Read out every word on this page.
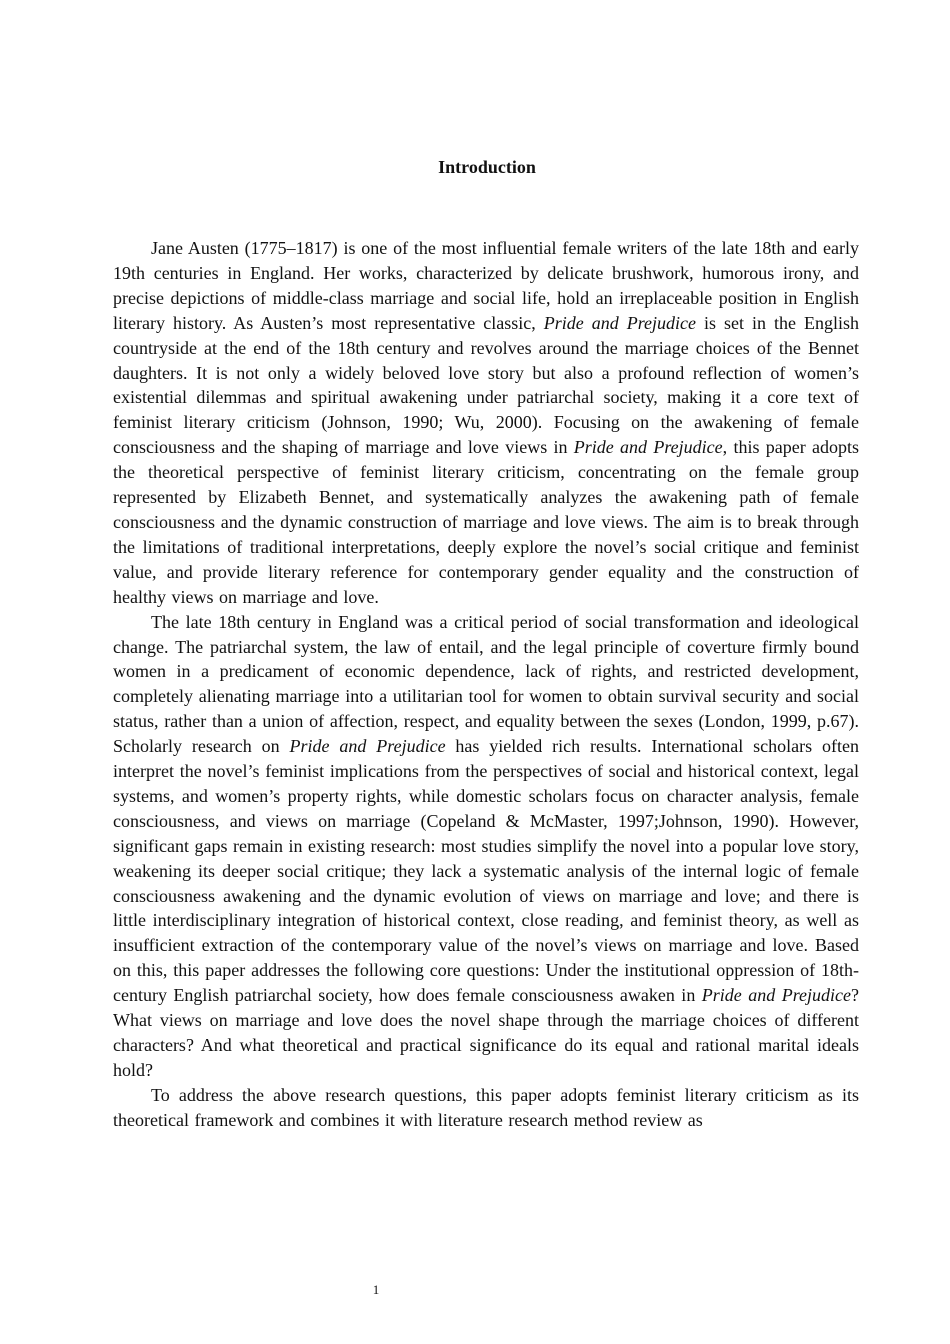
Introduction

Jane Austen (1775–1817) is one of the most influential female writers of the late 18th and early 19th centuries in England. Her works, characterized by delicate brushwork, humorous irony, and precise depictions of middle-class marriage and social life, hold an irreplaceable position in English literary history. As Austen’s most representative classic, Pride and Prejudice is set in the English countryside at the end of the 18th century and revolves around the marriage choices of the Bennet daughters. It is not only a widely beloved love story but also a profound reflection of women’s existential dilemmas and spiritual awakening under patriarchal society, making it a core text of feminist literary criticism (Johnson, 1990; Wu, 2000). Focusing on the awakening of female consciousness and the shaping of marriage and love views in Pride and Prejudice, this paper adopts the theoretical perspective of feminist literary criticism, concentrating on the female group represented by Elizabeth Bennet, and systematically analyzes the awakening path of female consciousness and the dynamic construction of marriage and love views. The aim is to break through the limitations of traditional interpretations, deeply explore the novel’s social critique and feminist value, and provide literary reference for contemporary gender equality and the construction of healthy views on marriage and love.

The late 18th century in England was a critical period of social transformation and ideological change. The patriarchal system, the law of entail, and the legal principle of coverture firmly bound women in a predicament of economic dependence, lack of rights, and restricted development, completely alienating marriage into a utilitarian tool for women to obtain survival security and social status, rather than a union of affection, respect, and equality between the sexes (London, 1999, p.67). Scholarly research on Pride and Prejudice has yielded rich results. International scholars often interpret the novel’s feminist implications from the perspectives of social and historical context, legal systems, and women’s property rights, while domestic scholars focus on character analysis, female consciousness, and views on marriage (Copeland & McMaster, 1997;Johnson, 1990). However, significant gaps remain in existing research: most studies simplify the novel into a popular love story, weakening its deeper social critique; they lack a systematic analysis of the internal logic of female consciousness awakening and the dynamic evolution of views on marriage and love; and there is little interdisciplinary integration of historical context, close reading, and feminist theory, as well as insufficient extraction of the contemporary value of the novel’s views on marriage and love. Based on this, this paper addresses the following core questions: Under the institutional oppression of 18th-century English patriarchal society, how does female consciousness awaken in Pride and Prejudice? What views on marriage and love does the novel shape through the marriage choices of different characters? And what theoretical and practical significance do its equal and rational marital ideals hold?

To address the above research questions, this paper adopts feminist literary criticism as its theoretical framework and combines it with literature research method review as

1
